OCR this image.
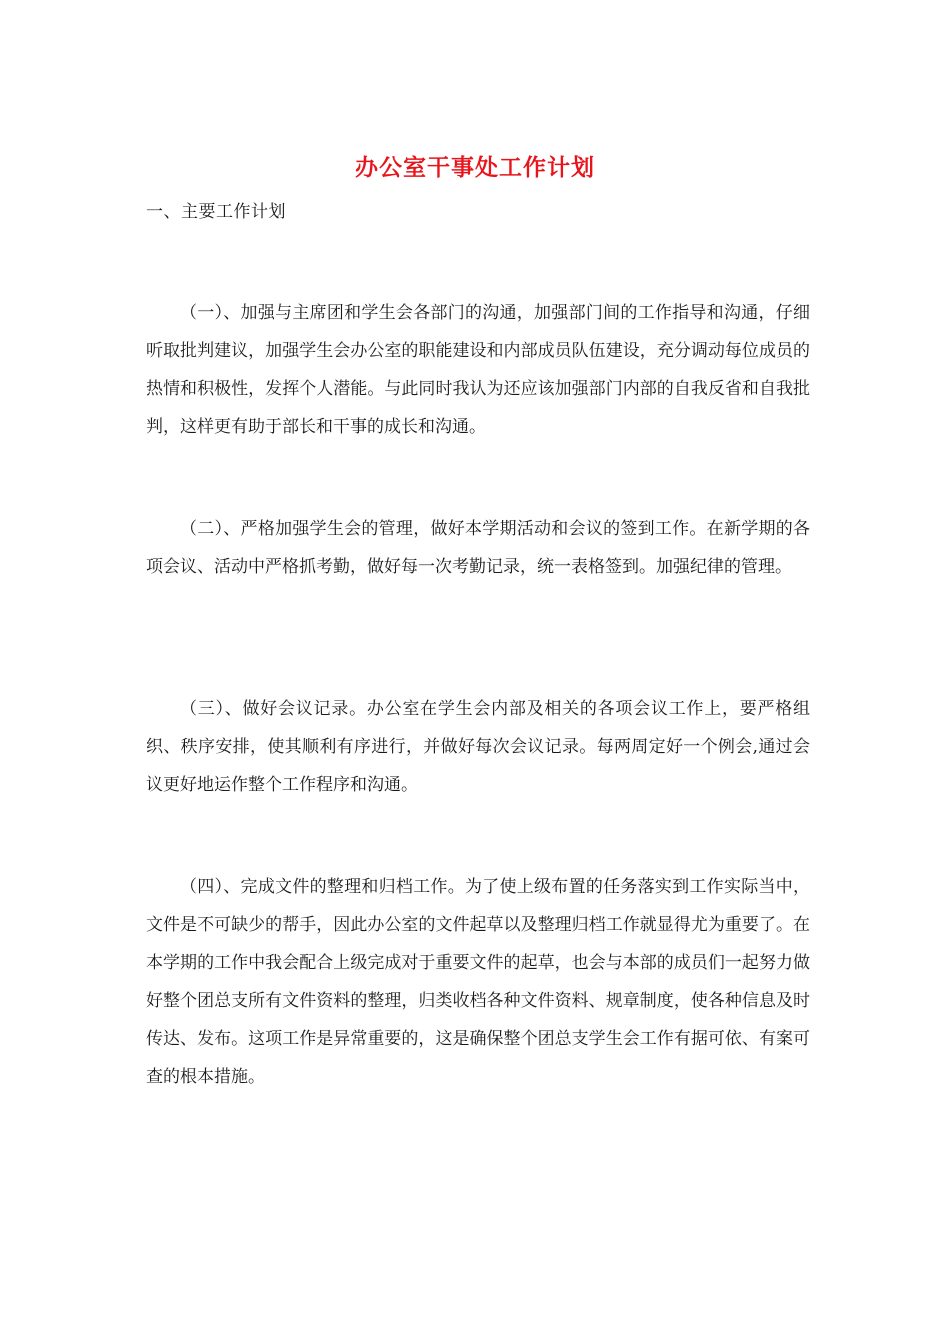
办公室干事处工作计划
一、主要工作计划

（一）、加强与主席团和学生会各部门的沟通，加强部门间的工作指导和沟通，仔细听取批判建议，加强学生会办公室的职能建设和内部成员队伍建设，充分调动每位成员的热情和积极性，发挥个人潜能。与此同时我认为还应该加强部门内部的自我反省和自我批判，这样更有助于部长和干事的成长和沟通。

（二）、严格加强学生会的管理，做好本学期活动和会议的签到工作。在新学期的各项会议、活动中严格抓考勤，做好每一次考勤记录，统一表格签到。加强纪律的管理。

（三）、做好会议记录。办公室在学生会内部及相关的各项会议工作上，要严格组织、秩序安排，使其顺利有序进行，并做好每次会议记录。每两周定好一个例会,通过会议更好地运作整个工作程序和沟通。

（四）、完成文件的整理和归档工作。为了使上级布置的任务落实到工作实际当中，文件是不可缺少的帮手，因此办公室的文件起草以及整理归档工作就显得尤为重要了。在本学期的工作中我会配合上级完成对于重要文件的起草，也会与本部的成员们一起努力做好整个团总支所有文件资料的整理，归类收档各种文件资料、规章制度，使各种信息及时传达、发布。这项工作是异常重要的，这是确保整个团总支学生会工作有据可依、有案可查的根本措施。
